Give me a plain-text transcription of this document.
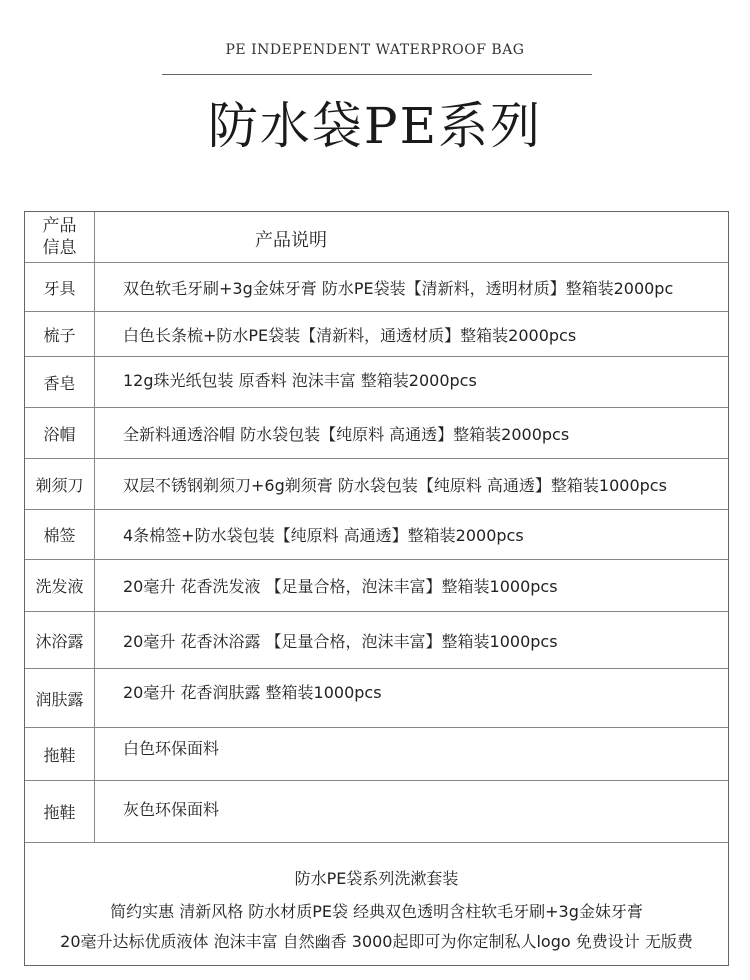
PE INDEPENDENT WATERPROOF BAG
防水袋PE系列
产品
信息	产品说明
牙具	双色软毛牙刷+3g金妹牙膏 防水PE袋装【清新料，透明材质】整箱装2000pc
梳子	白色长条梳+防水PE袋装【清新料，通透材质】整箱装2000pcs
香皂	12g珠光纸包装 原香料 泡沫丰富 整箱装2000pcs
浴帽	全新料通透浴帽 防水袋包装【纯原料 高通透】整箱装2000pcs
剃须刀	双层不锈钢剃须刀+6g剃须膏 防水袋包装【纯原料 高通透】整箱装1000pcs
棉签	4条棉签+防水袋包装【纯原料 高通透】整箱装2000pcs
洗发液	20毫升 花香洗发液 【足量合格，泡沫丰富】整箱装1000pcs
沐浴露	20毫升 花香沐浴露 【足量合格，泡沫丰富】整箱装1000pcs
润肤露	20毫升 花香润肤露 整箱装1000pcs
拖鞋	白色环保面料
拖鞋	灰色环保面料
防水PE袋系列洗漱套装
简约实惠 清新风格 防水材质PE袋 经典双色透明含柱软毛牙刷+3g金妹牙膏
20毫升达标优质液体 泡沫丰富 自然幽香 3000起即可为你定制私人logo 免费设计 无版费
